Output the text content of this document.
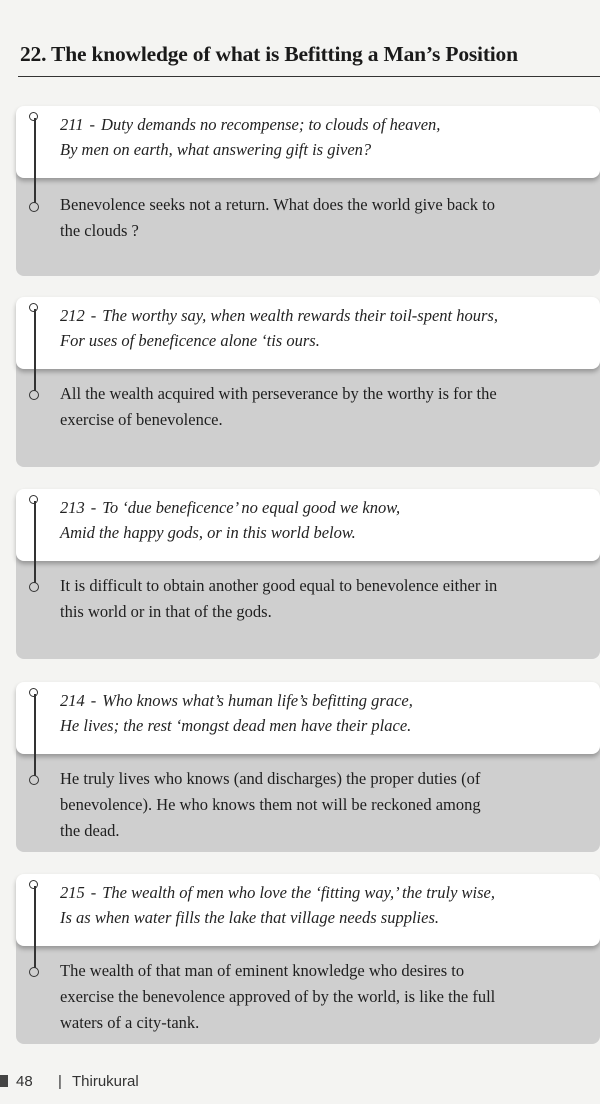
22. The knowledge of what is Befitting a Man’s Position
Benevolence seeks not a return. What does the world give back to
the clouds ?
211 - Duty demands no recompense; to clouds of heaven,
By men on earth, what answering gift is given?
All the wealth acquired with perseverance by the worthy is for the
exercise of benevolence.
212 - The worthy say, when wealth rewards their toil-spent hours,
For uses of beneficence alone ‘tis ours.
It is difficult to obtain another good equal to benevolence either in
this world or in that of the gods.
213 - To ‘due beneficence’ no equal good we know,
Amid the happy gods, or in this world below.
He truly lives who knows (and discharges) the proper duties (of
benevolence). He who knows them not will be reckoned among
the dead.
214 - Who knows what’s human life’s befitting grace,
He lives; the rest ‘mongst dead men have their place.
The wealth of that man of eminent knowledge who desires to
exercise the benevolence approved of by the world, is like the full
waters of a city-tank.
215 - The wealth of men who love the ‘fitting way,’ the truly wise,
Is as when water fills the lake that village needs supplies.
48 | Thirukural
